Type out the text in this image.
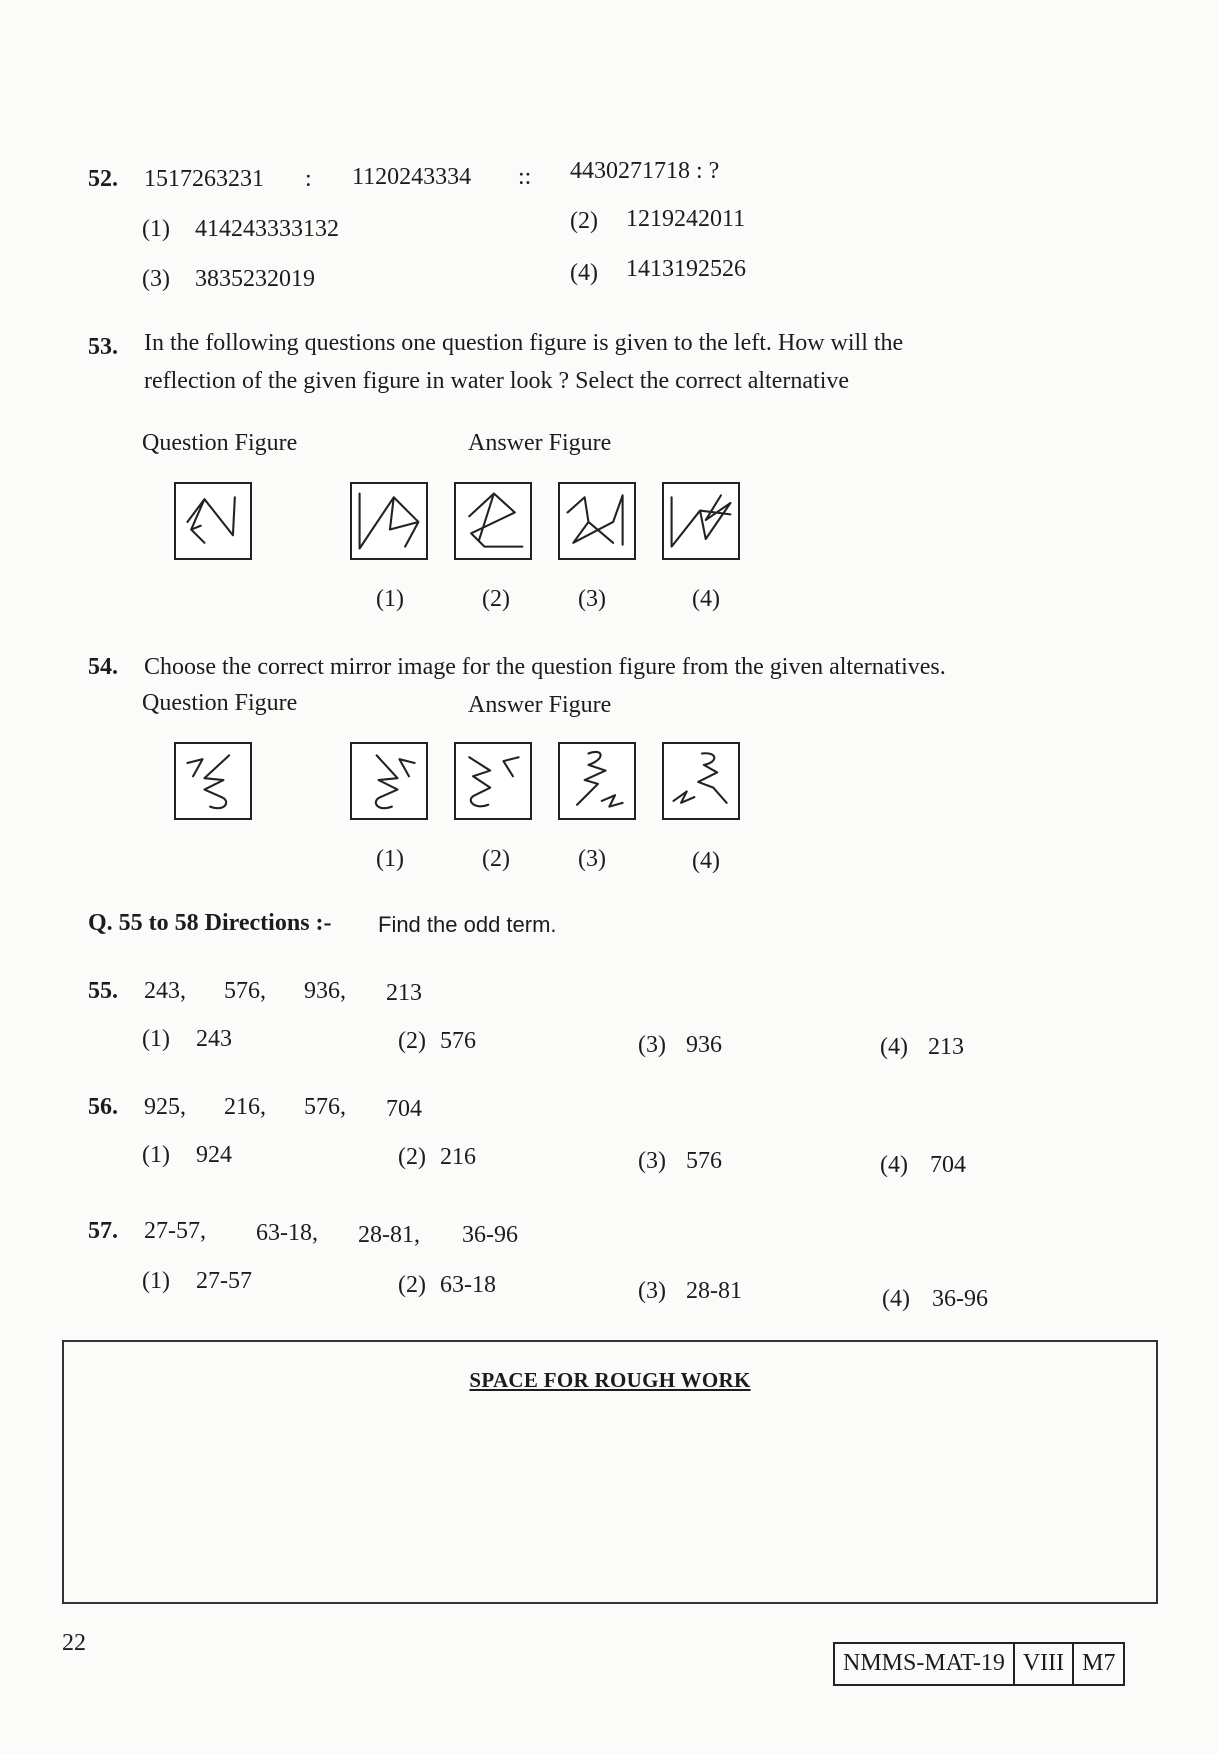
52. 1517263231 : 1120243334 :: 4430271718 : ?
(1) 414243333132	(2) 1219242011
(3) 3835232019	(4) 1413192526
53. In the following questions one question figure is given to the left. How will the
reflection of the given figure in water look ? Select the correct alternative
Question Figure	Answer Figure
(1)	(2)	(3)	(4)
54. Choose the correct mirror image for the question figure from the given alternatives.
Question Figure	Answer Figure
(1)	(2)	(3)	(4)
Q. 55 to 58 Directions :- Find the odd term.
55. 243, 576, 936, 213
(1) 243	(2) 576	(3) 936	(4) 213
56. 925, 216, 576, 704
(1) 924	(2) 216	(3) 576	(4) 704
57. 27-57, 63-18, 28-81, 36-96
(1) 27-57	(2) 63-18	(3) 28-81	(4) 36-96
SPACE FOR ROUGH WORK
22
NMMS-MAT-19 VIII M7
